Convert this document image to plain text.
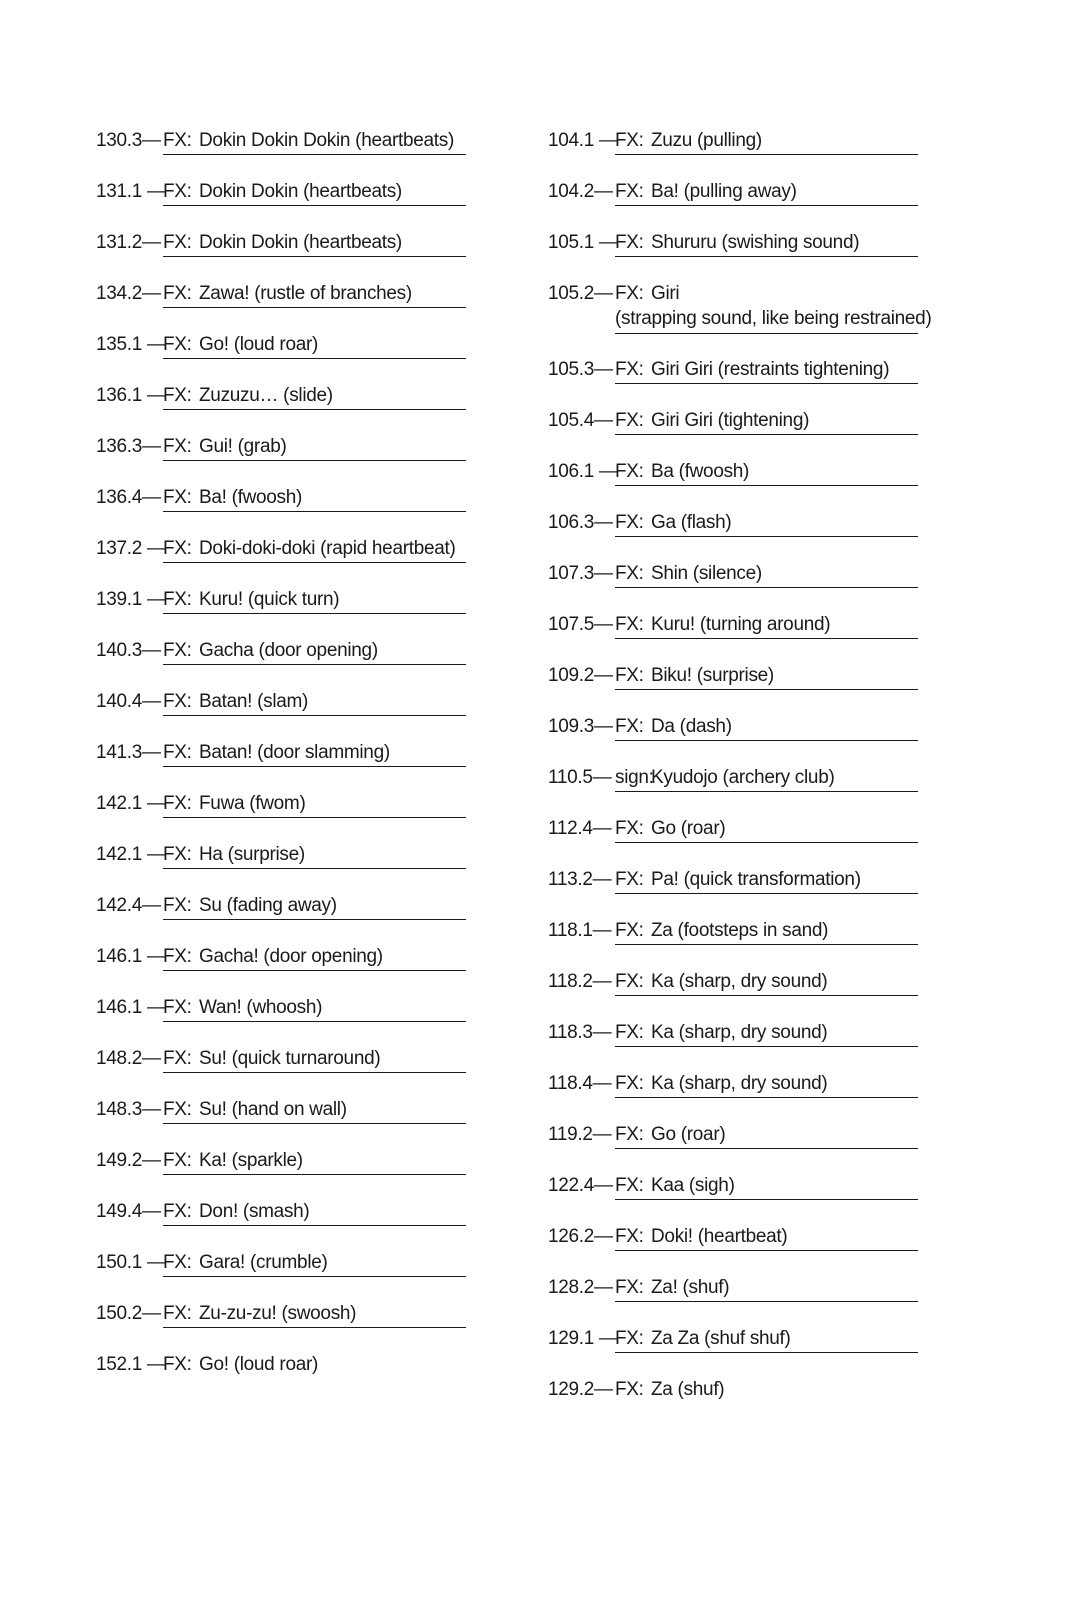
130.3— FX: Dokin Dokin Dokin (heartbeats)
131.1 —
FX: Dokin Dokin (heartbeats)
131.2— FX: Dokin Dokin (heartbeats)
134.2— FX: Zawa! (rustle of branches)
135.1 —
FX: Go! (loud roar)
136.1 —
FX: Zuzuzu… (slide)
136.3— FX: Gui! (grab)
136.4— FX: Ba! (fwoosh)
137.2 —
FX: Doki-doki-doki (rapid heartbeat)
139.1 —
FX: Kuru! (quick turn)
140.3— FX: Gacha (door opening)
140.4— FX: Batan! (slam)
141.3— FX: Batan! (door slamming)
142.1 —
FX: Fuwa (fwom)
142.1 —
FX: Ha (surprise)
142.4— FX: Su (fading away)
146.1 —
FX: Gacha! (door opening)
146.1 —
FX: Wan! (whoosh)
148.2— FX: Su! (quick turnaround)
148.3— FX: Su! (hand on wall)
149.2— FX: Ka! (sparkle)
149.4— FX: Don! (smash)
150.1 —
FX: Gara! (crumble)
150.2— FX: Zu-zu-zu! (swoosh)
152.1 —
FX: Go! (loud roar)
104.1 —
FX: Zuzu (pulling)
104.2— FX: Ba! (pulling away)
105.1 —
FX: Shururu (swishing sound)
105.2— FX: Giri
(strapping sound, like being restrained)
105.3— FX: Giri Giri (restraints tightening)
105.4— FX: Giri Giri (tightening)
106.1 —
FX: Ba (fwoosh)
106.3— FX: Ga (flash)
107.3— FX: Shin (silence)
107.5— FX: Kuru! (turning around)
109.2— FX: Biku! (surprise)
109.3— FX: Da (dash)
110.5— sign:Kyudojo (archery club)
112.4— FX: Go (roar)
113.2— FX: Pa! (quick transformation)
118.1— FX: Za (footsteps in sand)
118.2— FX: Ka (sharp, dry sound)
118.3— FX: Ka (sharp, dry sound)
118.4— FX: Ka (sharp, dry sound)
119.2— FX: Go (roar)
122.4— FX: Kaa (sigh)
126.2— FX: Doki! (heartbeat)
128.2— FX: Za! (shuf)
129.1 —
FX: Za Za (shuf shuf)
129.2— FX: Za (shuf)
